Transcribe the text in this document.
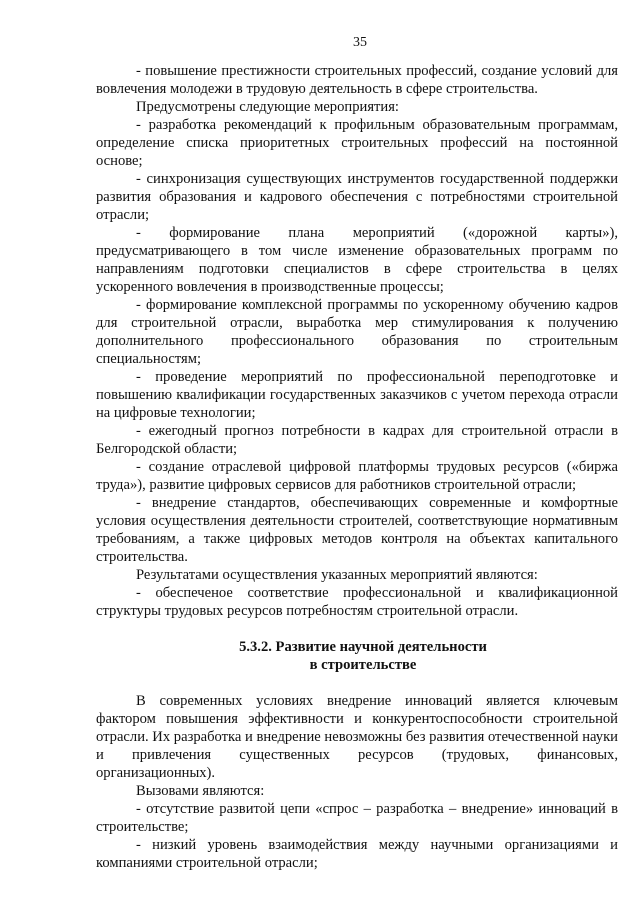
35

- повышение престижности строительных профессий, создание условий для вовлечения молодежи в трудовую деятельность в сфере строительства.

Предусмотрены следующие мероприятия:

- разработка рекомендаций к профильным образовательным программам, определение списка приоритетных строительных профессий на постоянной основе;

- синхронизация существующих инструментов государственной поддержки развития образования и кадрового обеспечения с потребностями строительной отрасли;

- формирование плана мероприятий («дорожной карты»), предусматривающего в том числе изменение образовательных программ по направлениям подготовки специалистов в сфере строительства в целях ускоренного вовлечения в производственные процессы;

- формирование комплексной программы по ускоренному обучению кадров для строительной отрасли, выработка мер стимулирования к получению дополнительного профессионального образования по строительным специальностям;

- проведение мероприятий по профессиональной переподготовке и повышению квалификации государственных заказчиков с учетом перехода отрасли на цифровые технологии;

- ежегодный прогноз потребности в кадрах для строительной отрасли в Белгородской области;

- создание отраслевой цифровой платформы трудовых ресурсов («биржа труда»), развитие цифровых сервисов для работников строительной отрасли;

- внедрение стандартов, обеспечивающих современные и комфортные условия осуществления деятельности строителей, соответствующие нормативным требованиям, а также цифровых методов контроля на объектах капитального строительства.

Результатами осуществления указанных мероприятий являются:

- обеспеченое соответствие профессиональной и квалификационной структуры трудовых ресурсов потребностям строительной отрасли.

5.3.2. Развитие научной деятельности

в строительстве

В современных условиях внедрение инноваций является ключевым фактором повышения эффективности и конкурентоспособности строительной отрасли. Их разработка и внедрение невозможны без развития отечественной науки и привлечения существенных ресурсов (трудовых, финансовых, организационных).

Вызовами являются:

- отсутствие развитой цепи «спрос – разработка – внедрение» инноваций в строительстве;

- низкий уровень взаимодействия между научными организациями и компаниями строительной отрасли;
